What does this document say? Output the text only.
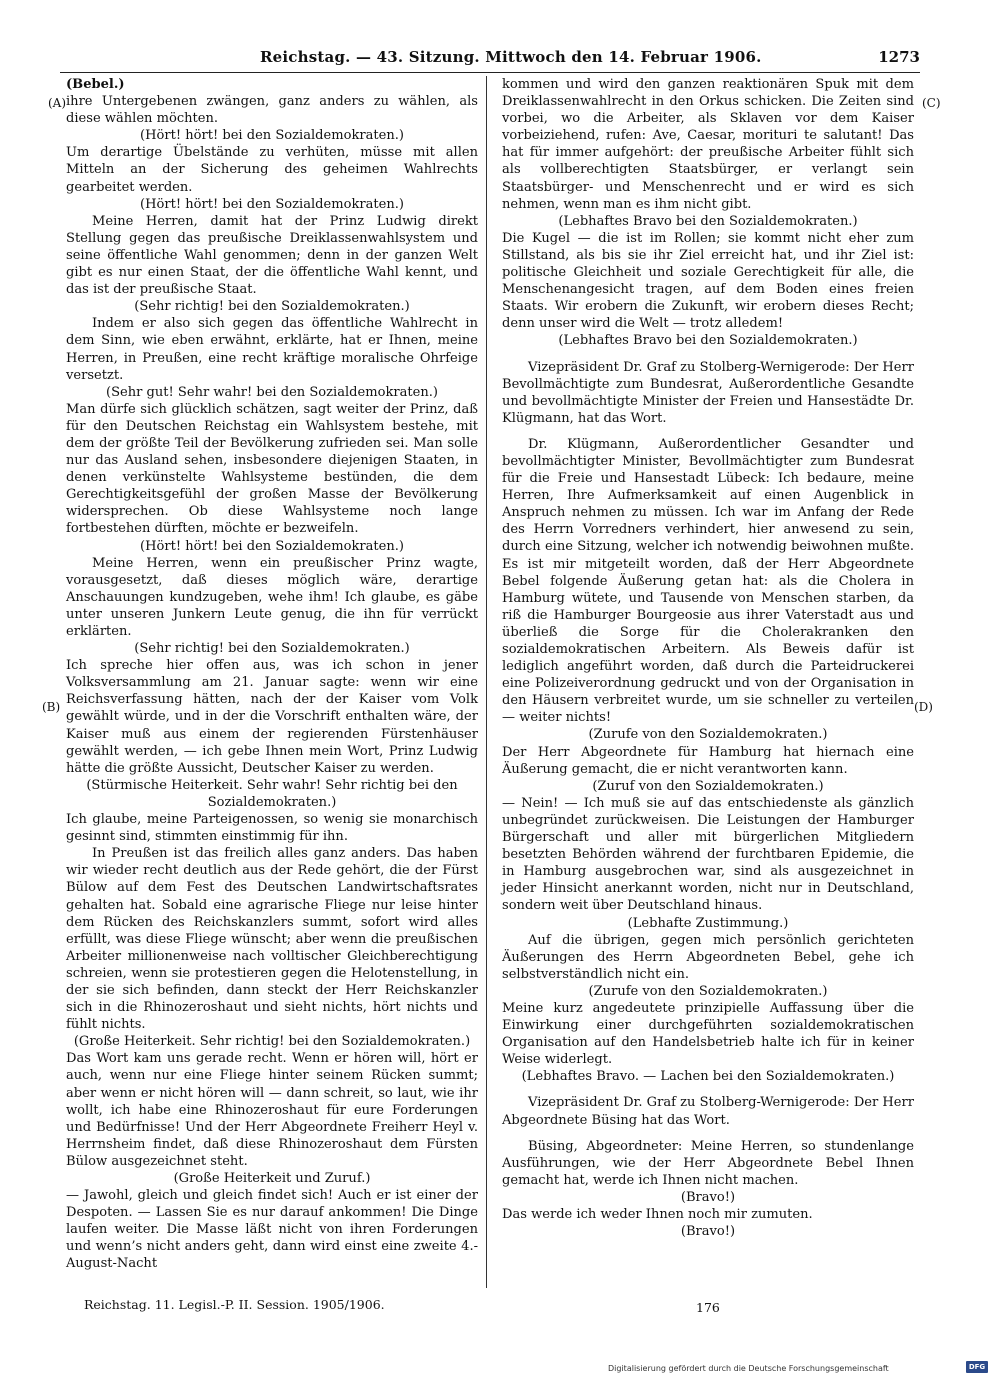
Reichstag. — 43. Sitzung. Mittwoch den 14. Februar 1906.	1273
(A)
(B)
(C)
(D)
(Bebel.)
ihre Untergebenen zwängen, ganz anders zu wählen, als diese wählen möchten.
(Hört! hört! bei den Sozialdemokraten.)
Um derartige Übelstände zu verhüten, müsse mit allen Mitteln an der Sicherung des geheimen Wahlrechts gearbeitet werden.
(Hört! hört! bei den Sozialdemokraten.)
Meine Herren, damit hat der Prinz Ludwig direkt Stellung gegen das preußische Dreiklassenwahlsystem und seine öffentliche Wahl genommen; denn in der ganzen Welt gibt es nur einen Staat, der die öffentliche Wahl kennt, und das ist der preußische Staat.
(Sehr richtig! bei den Sozialdemokraten.)
Indem er also sich gegen das öffentliche Wahlrecht in dem Sinn, wie eben erwähnt, erklärte, hat er Ihnen, meine Herren, in Preußen, eine recht kräftige moralische Ohrfeige versetzt.
(Sehr gut! Sehr wahr! bei den Sozialdemokraten.)
Man dürfe sich glücklich schätzen, sagt weiter der Prinz, daß für den Deutschen Reichstag ein Wahlsystem bestehe, mit dem der größte Teil der Bevölkerung zufrieden sei. Man solle nur das Ausland sehen, insbesondere diejenigen Staaten, in denen verkünstelte Wahlsysteme bestünden, die dem Gerechtigkeitsgefühl der großen Masse der Bevölkerung widersprechen. Ob diese Wahlsysteme noch lange fortbestehen dürften, möchte er bezweifeln.
(Hört! hört! bei den Sozialdemokraten.)
Meine Herren, wenn ein preußischer Prinz wagte, vorausgesetzt, daß dieses möglich wäre, derartige Anschauungen kundzugeben, wehe ihm! Ich glaube, es gäbe unter unseren Junkern Leute genug, die ihn für verrückt erklärten.
(Sehr richtig! bei den Sozialdemokraten.)
Ich spreche hier offen aus, was ich schon in jener Volksversammlung am 21. Januar sagte: wenn wir eine Reichsverfassung hätten, nach der der Kaiser vom Volk gewählt würde, und in der die Vorschrift enthalten wäre, der Kaiser muß aus einem der regierenden Fürstenhäuser gewählt werden, — ich gebe Ihnen mein Wort, Prinz Ludwig hätte die größte Aussicht, Deutscher Kaiser zu werden.
(Stürmische Heiterkeit. Sehr wahr! Sehr richtig bei den Sozialdemokraten.)
Ich glaube, meine Parteigenossen, so wenig sie monarchisch gesinnt sind, stimmten einstimmig für ihn.
In Preußen ist das freilich alles ganz anders. Das haben wir wieder recht deutlich aus der Rede gehört, die der Fürst Bülow auf dem Fest des Deutschen Landwirtschaftsrates gehalten hat. Sobald eine agrarische Fliege nur leise hinter dem Rücken des Reichskanzlers summt, sofort wird alles erfüllt, was diese Fliege wünscht; aber wenn die preußischen Arbeiter millionenweise nach volltischer Gleichberechtigung schreien, wenn sie protestieren gegen die Helotenstellung, in der sie sich befinden, dann steckt der Herr Reichskanzler sich in die Rhinozeroshaut und sieht nichts, hört nichts und fühlt nichts.
(Große Heiterkeit. Sehr richtig! bei den Sozialdemokraten.)
Das Wort kam uns gerade recht. Wenn er hören will, hört er auch, wenn nur eine Fliege hinter seinem Rücken summt; aber wenn er nicht hören will — dann schreit, so laut, wie ihr wollt, ich habe eine Rhinozeroshaut für eure Forderungen und Bedürfnisse! Und der Herr Abgeordnete Freiherr Heyl v. Herrnsheim findet, daß diese Rhinozeroshaut dem Fürsten Bülow ausgezeichnet steht.
(Große Heiterkeit und Zuruf.)
— Jawohl, gleich und gleich findet sich! Auch er ist einer der Despoten. — Lassen Sie es nur darauf ankommen! Die Dinge laufen weiter. Die Masse läßt nicht von ihren Forderungen und wenn’s nicht anders geht, dann wird einst eine zweite 4.-August-Nacht
kommen und wird den ganzen reaktionären Spuk mit dem Dreiklassenwahlrecht in den Orkus schicken. Die Zeiten sind vorbei, wo die Arbeiter, als Sklaven vor dem Kaiser vorbeiziehend, rufen: Ave, Caesar, morituri te salutant! Das hat für immer aufgehört: der preußische Arbeiter fühlt sich als vollberechtigten Staatsbürger, er verlangt sein Staatsbürger- und Menschenrecht und er wird es sich nehmen, wenn man es ihm nicht gibt.
(Lebhaftes Bravo bei den Sozialdemokraten.)
Die Kugel — die ist im Rollen; sie kommt nicht eher zum Stillstand, als bis sie ihr Ziel erreicht hat, und ihr Ziel ist: politische Gleichheit und soziale Gerechtigkeit für alle, die Menschenangesicht tragen, auf dem Boden eines freien Staats. Wir erobern die Zukunft, wir erobern dieses Recht; denn unser wird die Welt — trotz alledem!
(Lebhaftes Bravo bei den Sozialdemokraten.)
Vizepräsident Dr. Graf zu Stolberg-Wernigerode: Der Herr Bevollmächtigte zum Bundesrat, Außerordentliche Gesandte und bevollmächtigte Minister der Freien und Hansestädte Dr. Klügmann, hat das Wort.
Dr. Klügmann, Außerordentlicher Gesandter und bevollmächtigter Minister, Bevollmächtigter zum Bundesrat für die Freie und Hansestadt Lübeck: Ich bedaure, meine Herren, Ihre Aufmerksamkeit auf einen Augenblick in Anspruch nehmen zu müssen. Ich war im Anfang der Rede des Herrn Vorredners verhindert, hier anwesend zu sein, durch eine Sitzung, welcher ich notwendig beiwohnen mußte. Es ist mir mitgeteilt worden, daß der Herr Abgeordnete Bebel folgende Äußerung getan hat: als die Cholera in Hamburg wütete, und Tausende von Menschen starben, da riß die Hamburger Bourgeosie aus ihrer Vaterstadt aus und überließ die Sorge für die Cholerakranken den sozialdemokratischen Arbeitern. Als Beweis dafür ist lediglich angeführt worden, daß durch die Parteidruckerei eine Polizeiverordnung gedruckt und von der Organisation in den Häusern verbreitet wurde, um sie schneller zu verteilen — weiter nichts!
(Zurufe von den Sozialdemokraten.)
Der Herr Abgeordnete für Hamburg hat hiernach eine Äußerung gemacht, die er nicht verantworten kann.
(Zuruf von den Sozialdemokraten.)
— Nein! — Ich muß sie auf das entschiedenste als gänzlich unbegründet zurückweisen. Die Leistungen der Hamburger Bürgerschaft und aller mit bürgerlichen Mitgliedern besetzten Behörden während der furchtbaren Epidemie, die in Hamburg ausgebrochen war, sind als ausgezeichnet in jeder Hinsicht anerkannt worden, nicht nur in Deutschland, sondern weit über Deutschland hinaus.
(Lebhafte Zustimmung.)
Auf die übrigen, gegen mich persönlich gerichteten Äußerungen des Herrn Abgeordneten Bebel, gehe ich selbstverständlich nicht ein.
(Zurufe von den Sozialdemokraten.)
Meine kurz angedeutete prinzipielle Auffassung über die Einwirkung einer durchgeführten sozialdemokratischen Organisation auf den Handelsbetrieb halte ich für in keiner Weise widerlegt.
(Lebhaftes Bravo. — Lachen bei den Sozialdemokraten.)
Vizepräsident Dr. Graf zu Stolberg-Wernigerode: Der Herr Abgeordnete Büsing hat das Wort.
Büsing, Abgeordneter: Meine Herren, so stundenlange Ausführungen, wie der Herr Abgeordnete Bebel Ihnen gemacht hat, werde ich Ihnen nicht machen.
(Bravo!)
Das werde ich weder Ihnen noch mir zumuten.
(Bravo!)
Reichstag. 11. Legisl.-P. II. Session. 1905/1906.	176
Digitalisierung gefördert durch die Deutsche Forschungsgemeinschaft	DFG
